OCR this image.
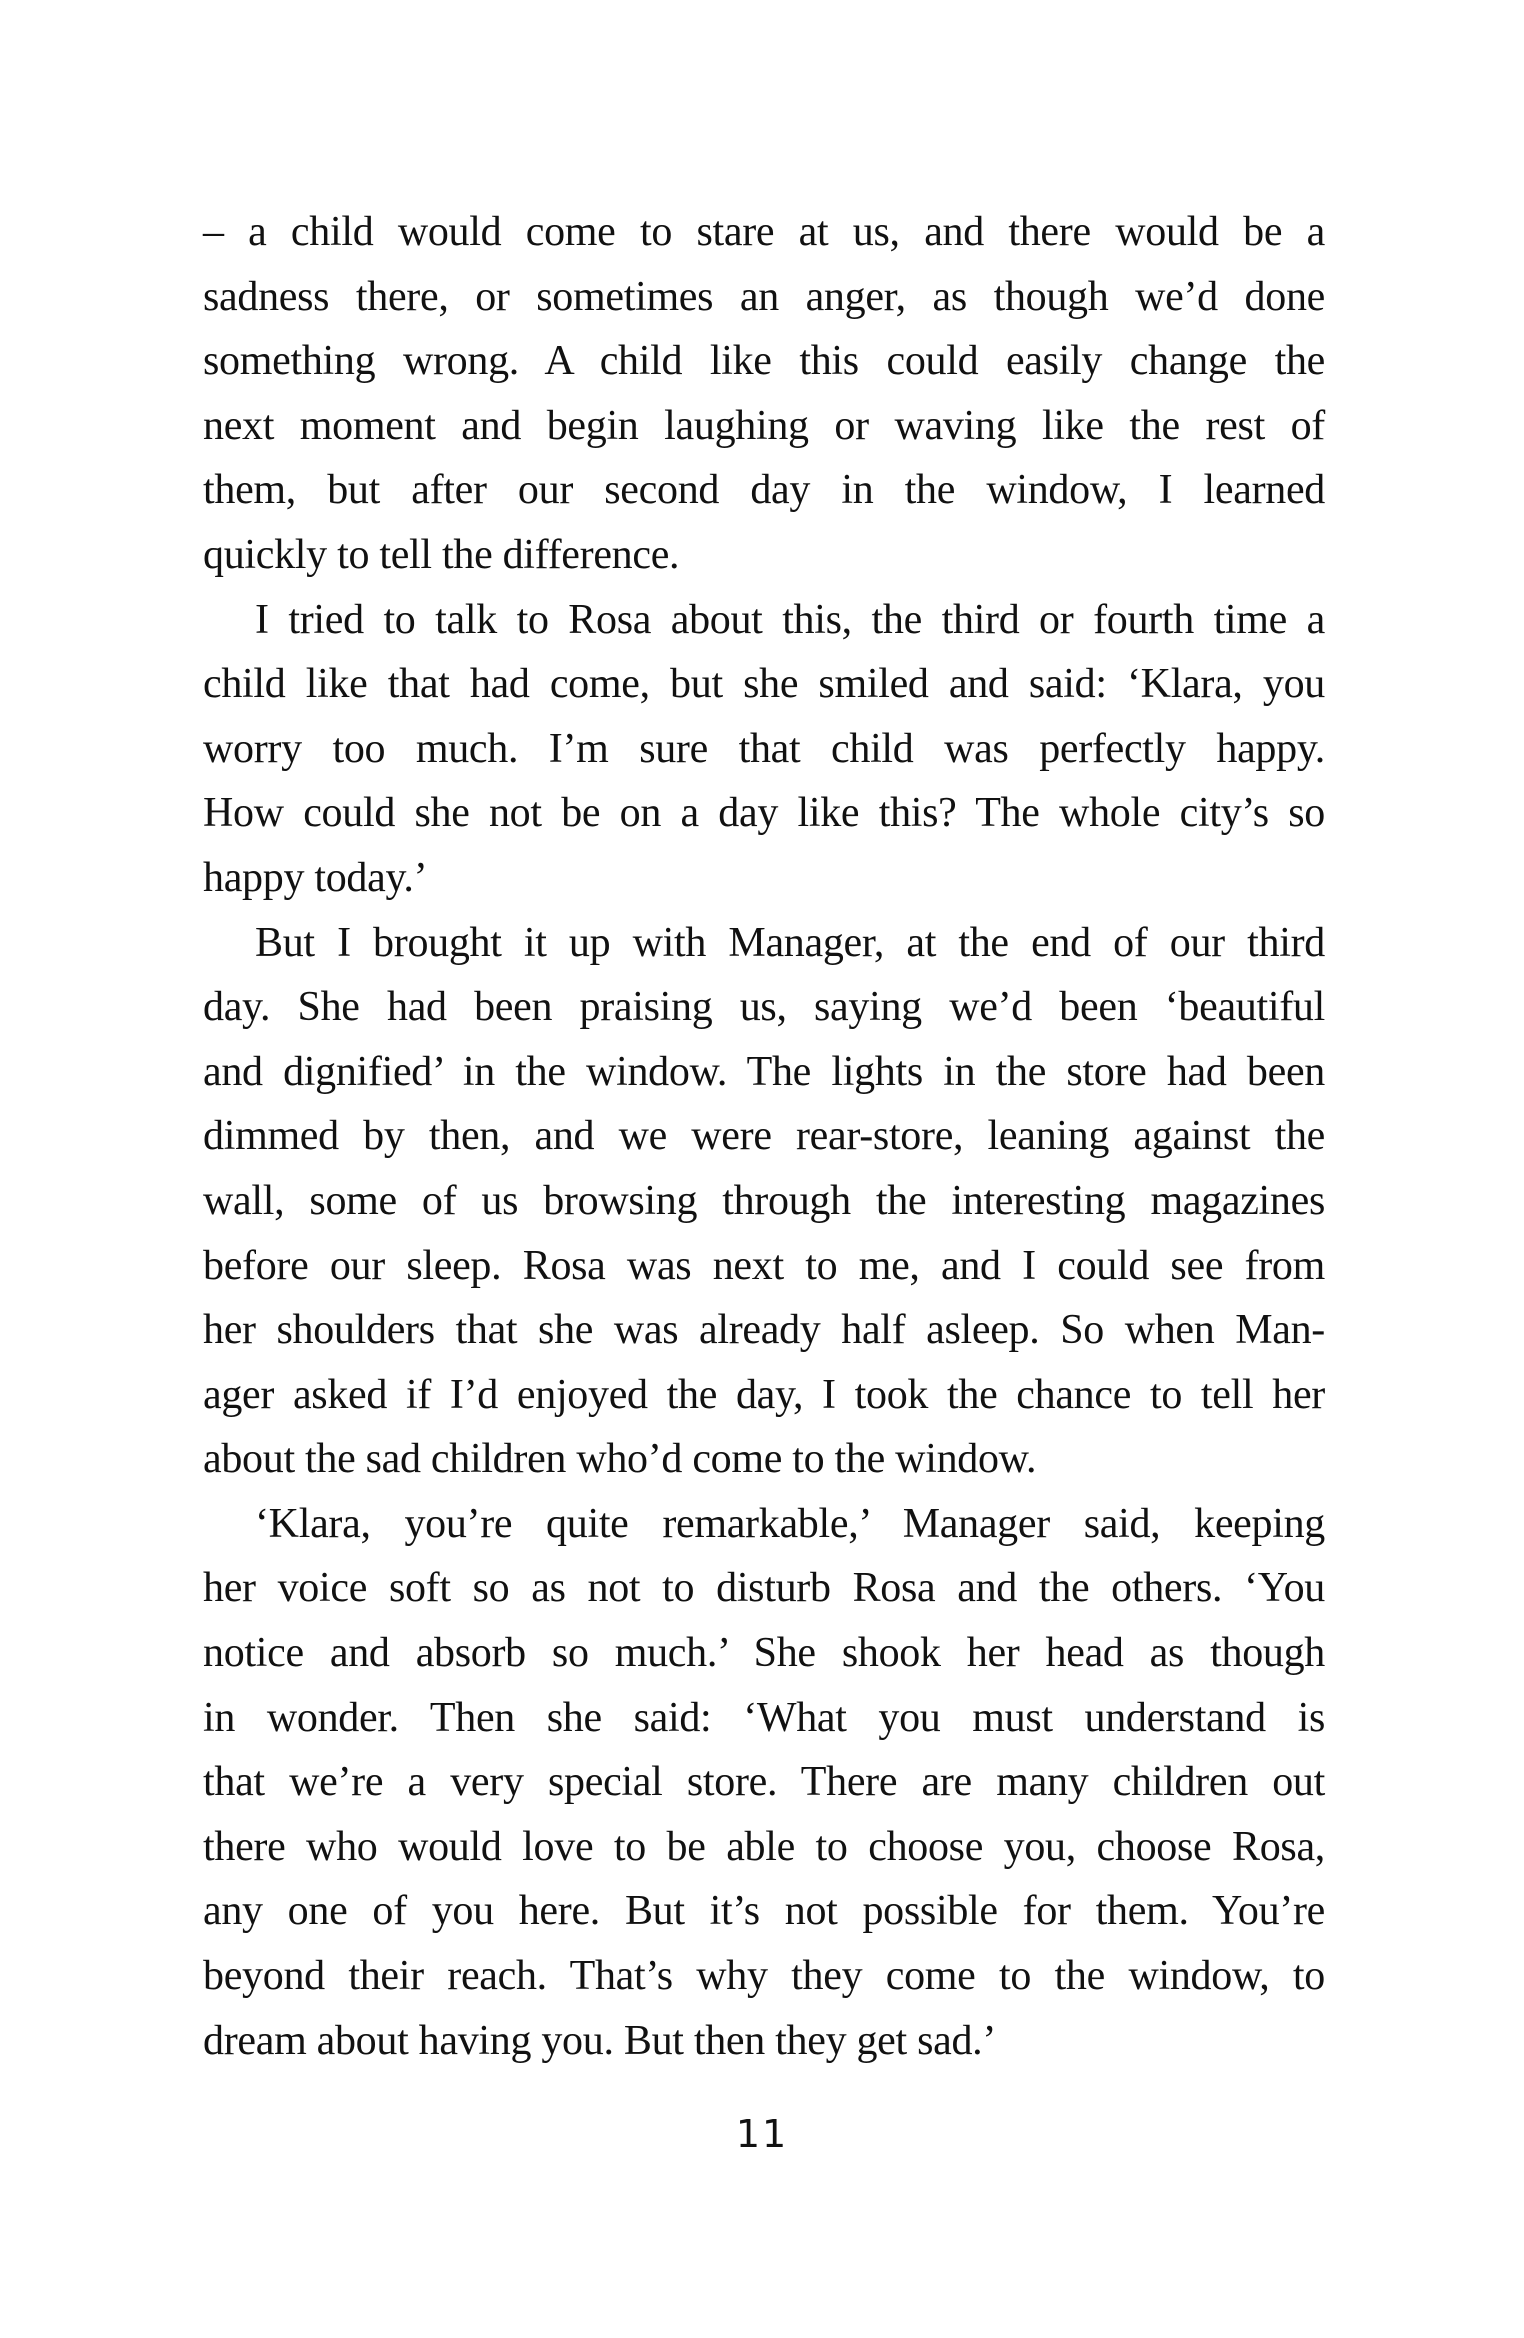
– a child would come to stare at us, and there would be a
sadness there, or sometimes an anger, as though we’d done
something wrong. A child like this could easily change the
next moment and begin laughing or waving like the rest of
them, but after our second day in the window, I learned
quickly to tell the difference.
I tried to talk to Rosa about this, the third or fourth time a
child like that had come, but she smiled and said: ‘Klara, you
worry too much. I’m sure that child was perfectly happy.
How could she not be on a day like this? The whole city’s so
happy today.’
But I brought it up with Manager, at the end of our third
day. She had been praising us, saying we’d been ‘beautiful
and dignified’ in the window. The lights in the store had been
dimmed by then, and we were rear-store, leaning against the
wall, some of us browsing through the interesting magazines
before our sleep. Rosa was next to me, and I could see from
her shoulders that she was already half asleep. So when Man-
ager asked if I’d enjoyed the day, I took the chance to tell her
about the sad children who’d come to the window.
‘Klara, you’re quite remarkable,’ Manager said, keeping
her voice soft so as not to disturb Rosa and the others. ‘You
notice and absorb so much.’ She shook her head as though
in wonder. Then she said: ‘What you must understand is
that we’re a very special store. There are many children out
there who would love to be able to choose you, choose Rosa,
any one of you here. But it’s not possible for them. You’re
beyond their reach. That’s why they come to the window, to
dream about having you. But then they get sad.’
11
